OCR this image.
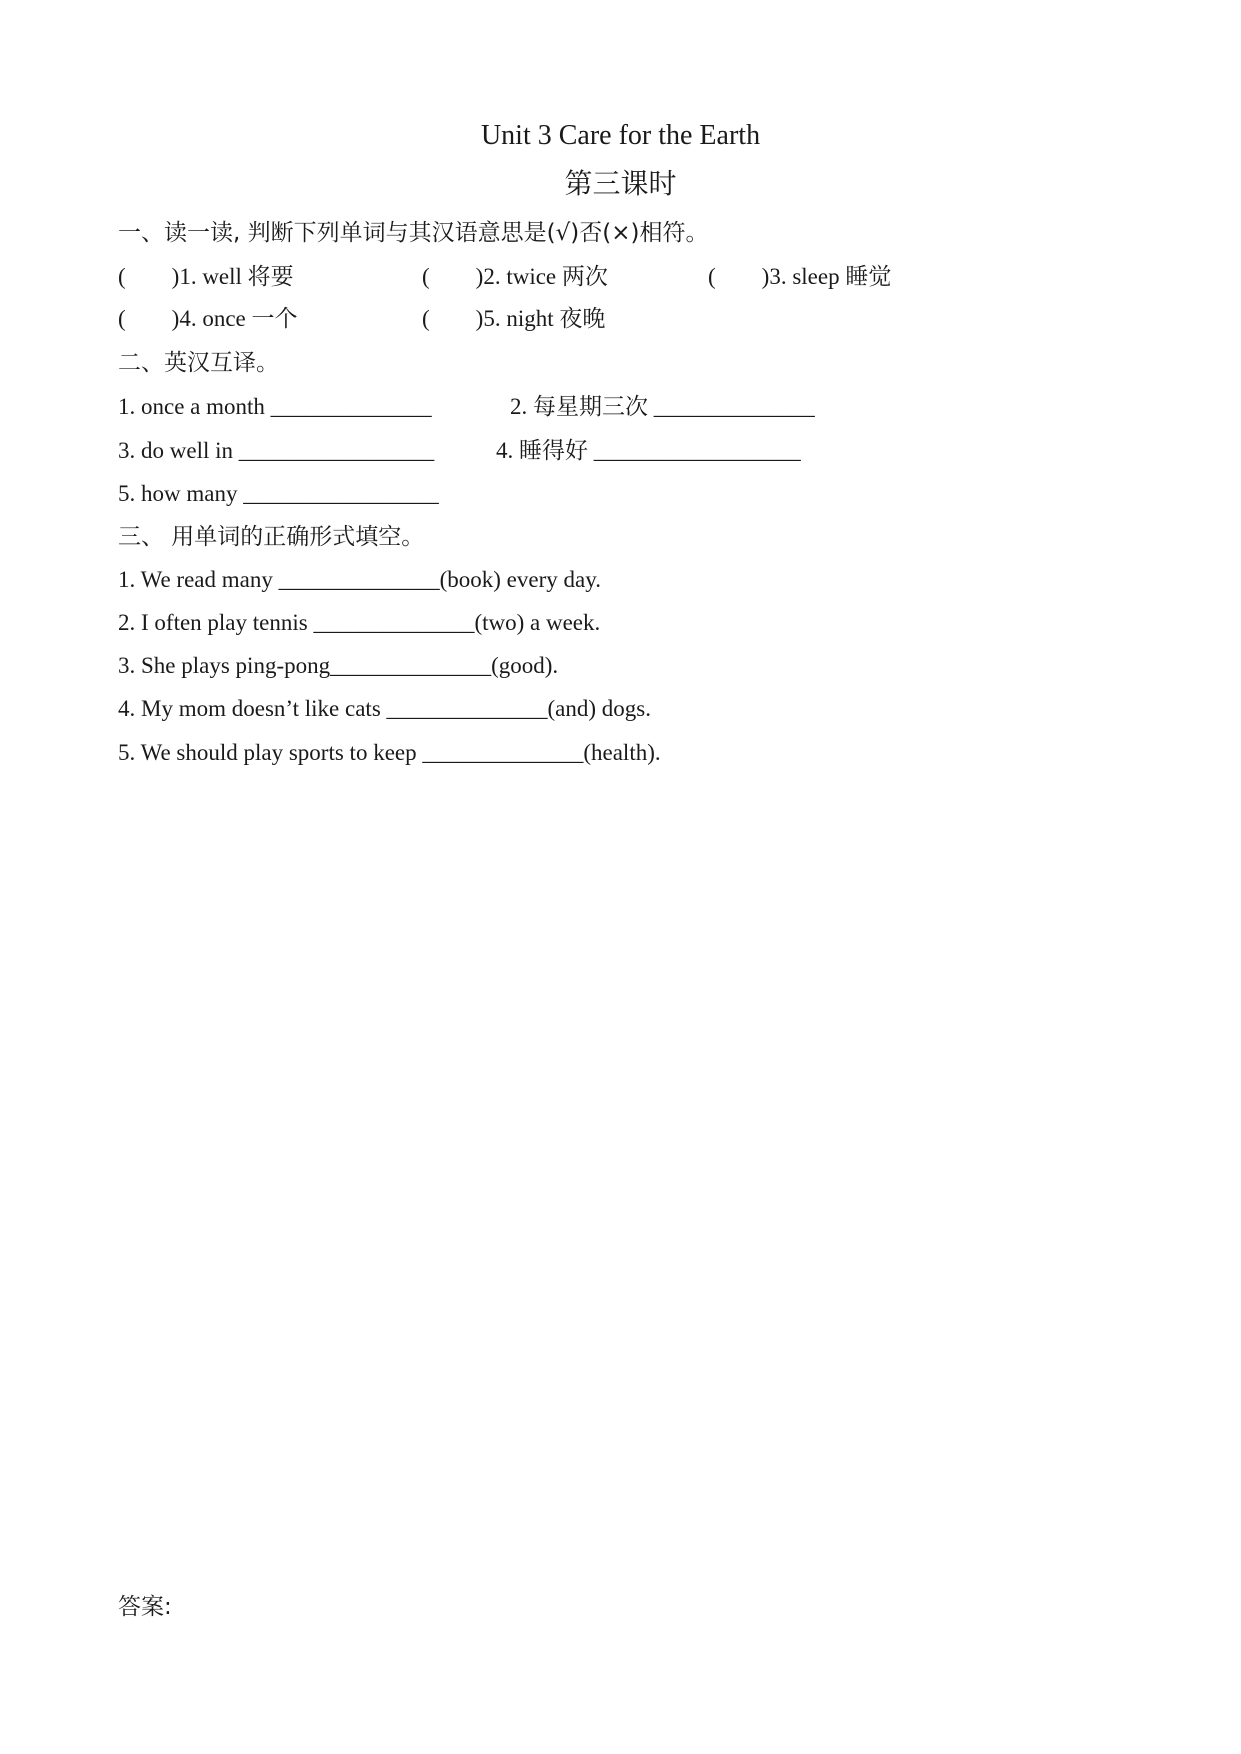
Unit 3 Care for the Earth
第三课时
一、读一读, 判断下列单词与其汉语意思是(√)否(×)相符。
(        )1. well 将要	(        )2. twice 两次	(        )3. sleep 睡觉
(        )4. once 一个	(        )5. night 夜晚
二、英汉互译。
1. once a month ______________	2. 每星期三次 ______________
3. do well in _________________	4. 睡得好 __________________
5. how many _________________
三、 用单词的正确形式填空。
1. We read many ______________(book) every day.
2. I often play tennis ______________(two) a week.
3. She plays ping-pong______________(good).
4. My mom doesn’t like cats ______________(and) dogs.
5. We should play sports to keep ______________(health).
答案:
